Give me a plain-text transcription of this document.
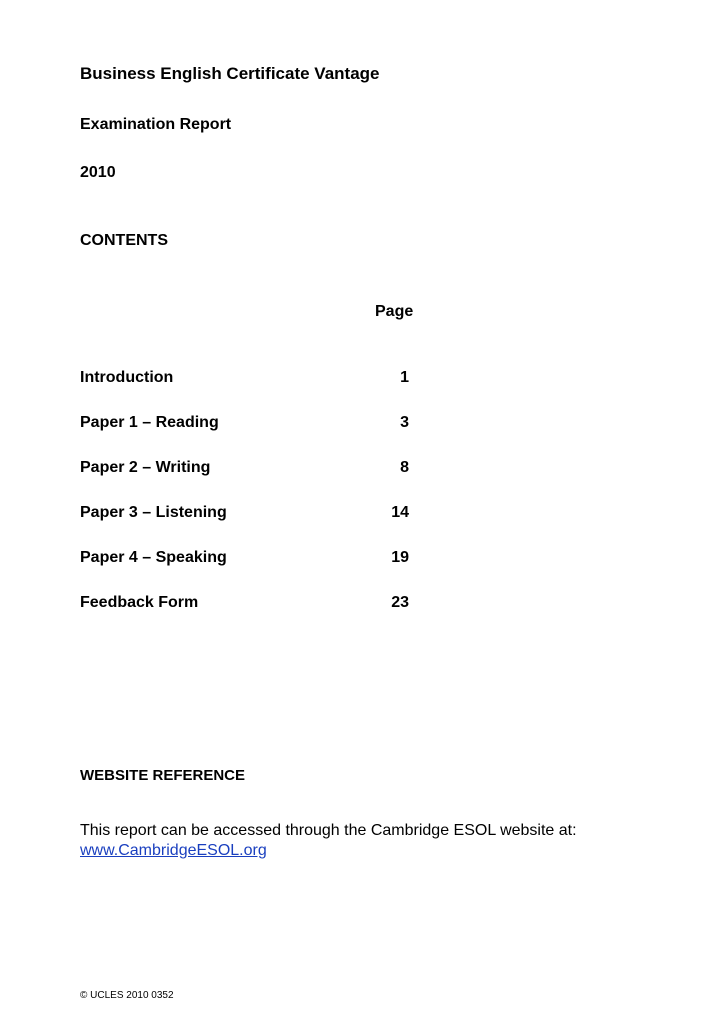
Business English Certificate Vantage
Examination Report
2010
CONTENTS
Page
Introduction	1
Paper 1 – Reading	3
Paper 2 – Writing	8
Paper 3 – Listening	14
Paper 4 – Speaking	19
Feedback Form	23
WEBSITE REFERENCE
This report can be accessed through the Cambridge ESOL website at:
www.CambridgeESOL.org
© UCLES 2010 0352
